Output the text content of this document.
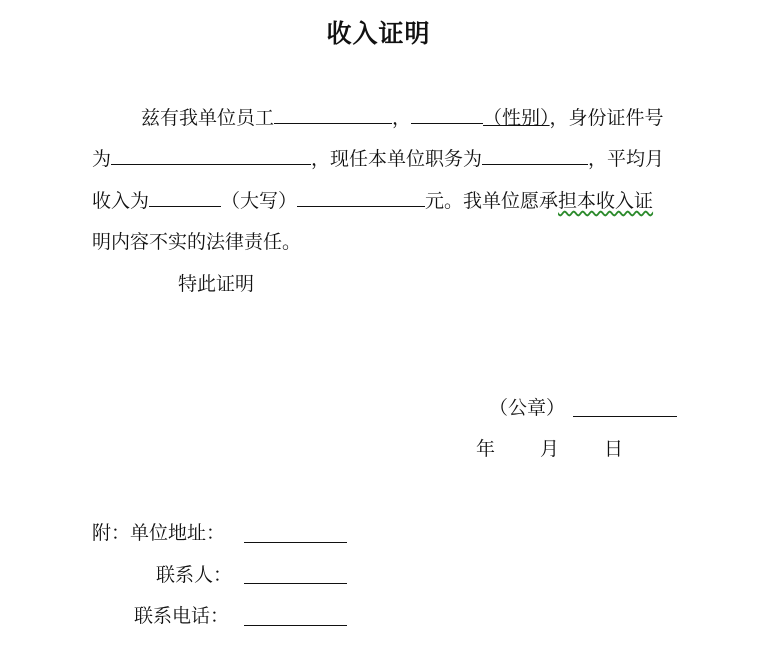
收入证明
兹有我单位员工	，	（性别），身份证件号
为	，现任本单位职务为	，平均月
收入为	（大写）	元。我单位愿承担本收入证
明内容不实的法律责任。
特此证明
（公章）
年 月 日
附：单位地址：
联系人：
联系电话：
